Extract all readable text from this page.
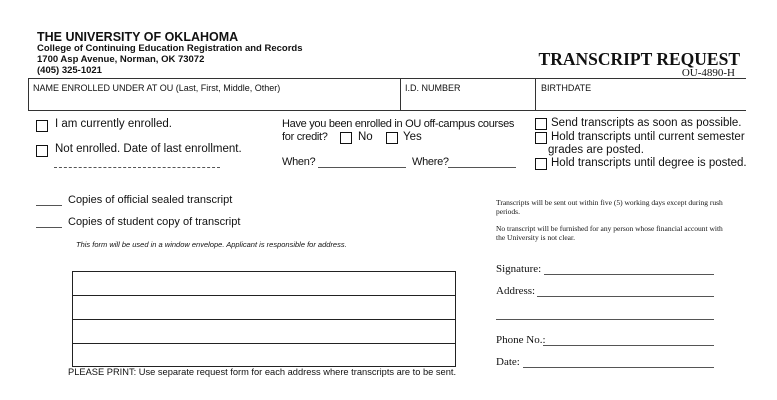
THE UNIVERSITY OF OKLAHOMA
College of Continuing Education Registration and Records
1700 Asp Avenue, Norman, OK 73072
(405) 325-1021
TRANSCRIPT REQUEST
OU-4890-H
NAME ENROLLED UNDER AT OU (Last, First, Middle, Other)	I.D. NUMBER	BIRTHDATE
I am currently enrolled.
Not enrolled. Date of last enrollment.
Have you been enrolled in OU off-campus courses
for credit?	No	Yes
When?	Where?
Send transcripts as soon as possible.
Hold transcripts until current semester
grades are posted.
Hold transcripts until degree is posted.
Copies of official sealed transcript
Copies of student copy of transcript
This form will be used in a window envelope. Applicant is responsible for address.
PLEASE PRINT: Use separate request form for each address where transcripts are to be sent.
Transcripts will be sent out within five (5) working days except during rush
periods.
No transcript will be furnished for any person whose financial account with
the University is not clear.
Signature:
Address:
Phone No.:
Date:
